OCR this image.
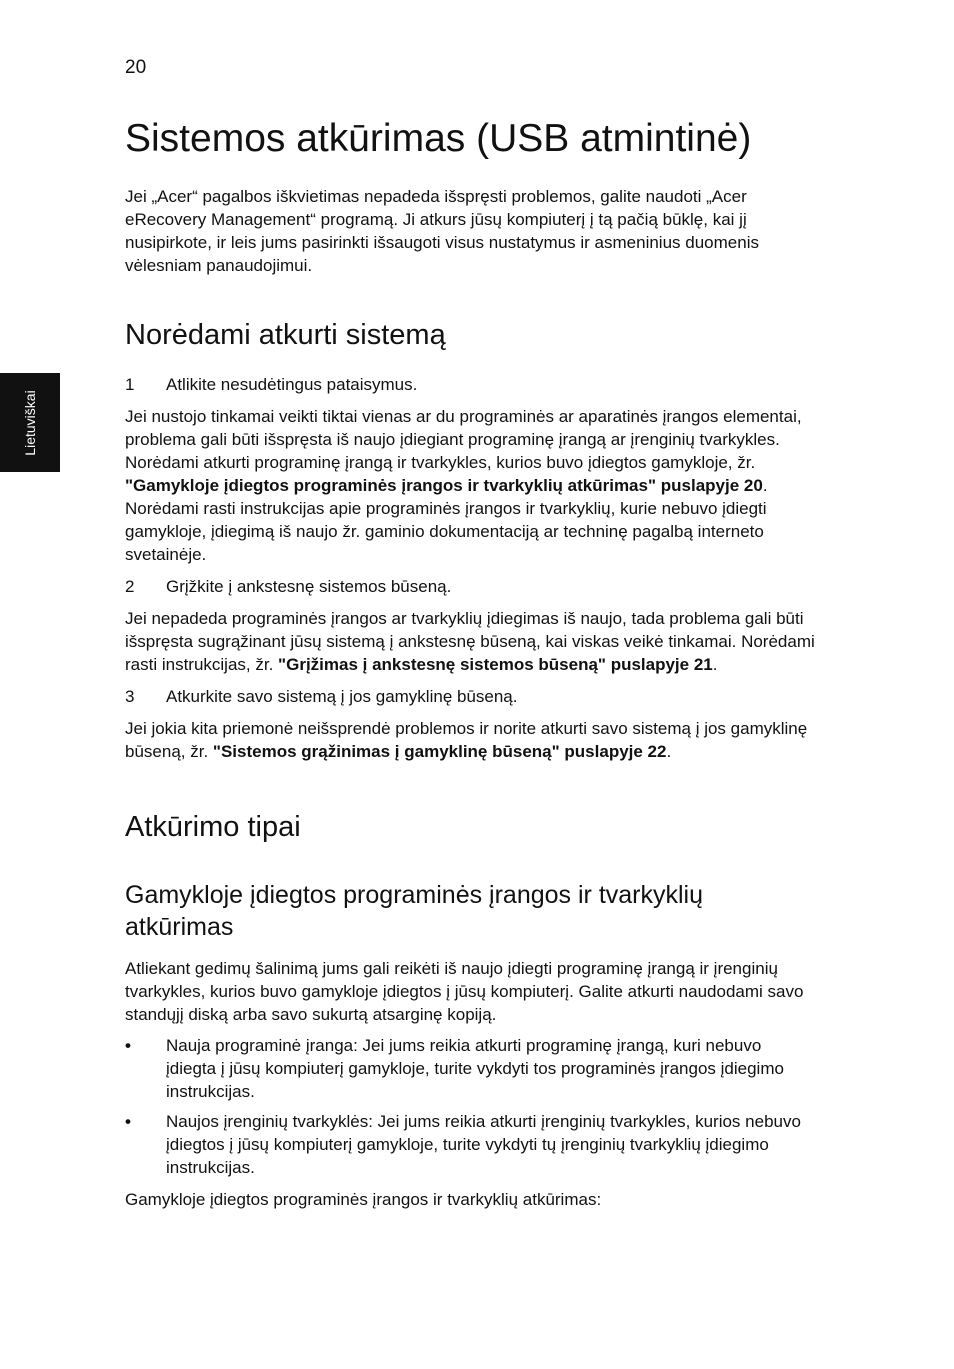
20
Lietuviškai
Sistemos atkūrimas (USB atmintinė)

Jei „Acer“ pagalbos iškvietimas nepadeda išspręsti problemos, galite naudoti „Acer eRecovery Management“ programą. Ji atkurs jūsų kompiuterį į tą pačią būklę, kai jį nusipirkote, ir leis jums pasirinkti išsaugoti visus nustatymus ir asmeninius duomenis vėlesniam panaudojimui.

Norėdami atkurti sistemą
1	Atlikite nesudėtingus pataisymus.

Jei nustojo tinkamai veikti tiktai vienas ar du programinės ar aparatinės įrangos elementai, problema gali būti išspręsta iš naujo įdiegiant programinę įrangą ar įrenginių tvarkykles. Norėdami atkurti programinę įrangą ir tvarkykles, kurios buvo įdiegtos gamykloje, žr. "Gamykloje įdiegtos programinės įrangos ir tvarkyklių atkūrimas" puslapyje 20. Norėdami rasti instrukcijas apie programinės įrangos ir tvarkyklių, kurie nebuvo įdiegti gamykloje, įdiegimą iš naujo žr. gaminio dokumentaciją ar techninę pagalbą interneto svetainėje.

2	Grįžkite į ankstesnę sistemos būseną.

Jei nepadeda programinės įrangos ar tvarkyklių įdiegimas iš naujo, tada problema gali būti išspręsta sugrąžinant jūsų sistemą į ankstesnę būseną, kai viskas veikė tinkamai. Norėdami rasti instrukcijas, žr. "Grįžimas į ankstesnę sistemos būseną" puslapyje 21.

3	Atkurkite savo sistemą į jos gamyklinę būseną.

Jei jokia kita priemonė neišsprendė problemos ir norite atkurti savo sistemą į jos gamyklinę būseną, žr. "Sistemos grąžinimas į gamyklinę būseną" puslapyje 22.

Atkūrimo tipai
Gamykloje įdiegtos programinės įrangos ir tvarkyklių atkūrimas

Atliekant gedimų šalinimą jums gali reikėti iš naujo įdiegti programinę įrangą ir įrenginių tvarkykles, kurios buvo gamykloje įdiegtos į jūsų kompiuterį. Galite atkurti naudodami savo standųjį diską arba savo sukurtą atsarginę kopiją.

•	Nauja programinė įranga: Jei jums reikia atkurti programinę įrangą, kuri nebuvo įdiegta į jūsų kompiuterį gamykloje, turite vykdyti tos programinės įrangos įdiegimo instrukcijas.
•	Naujos įrenginių tvarkyklės: Jei jums reikia atkurti įrenginių tvarkykles, kurios nebuvo įdiegtos į jūsų kompiuterį gamykloje, turite vykdyti tų įrenginių tvarkyklių įdiegimo instrukcijas.

Gamykloje įdiegtos programinės įrangos ir tvarkyklių atkūrimas:
